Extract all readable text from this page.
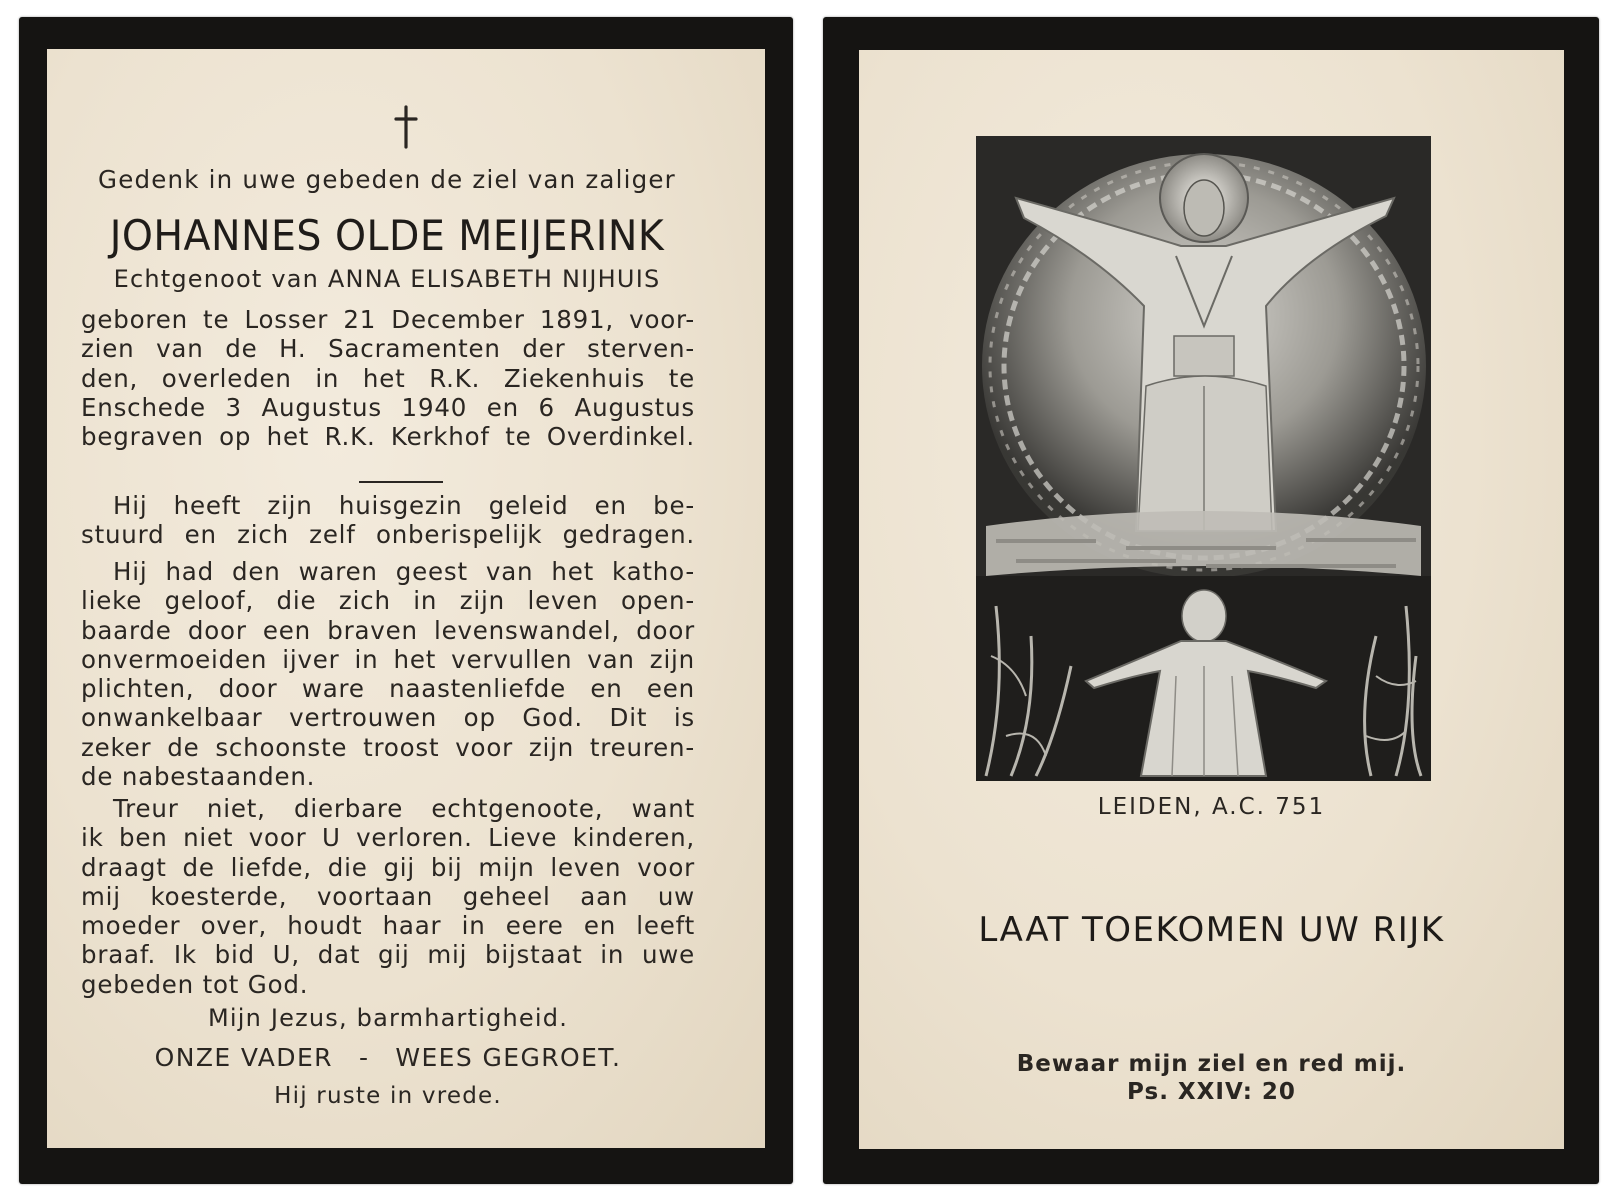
Gedenk in uwe gebeden de ziel van zaliger
JOHANNES OLDE MEIJERINK
Echtgenoot van ANNA ELISABETH NIJHUIS
geboren te Losser 21 December 1891, voor-
zien van de H. Sacramenten der sterven-
den, overleden in het R.K. Ziekenhuis te
Enschede 3 Augustus 1940 en 6 Augustus
begraven op het R.K. Kerkhof te Overdinkel.
Hij heeft zijn huisgezin geleid en be-
stuurd en zich zelf onberispelijk gedragen.
Hij had den waren geest van het katho-
lieke geloof, die zich in zijn leven open-
baarde door een braven levenswandel, door
onvermoeiden ijver in het vervullen van zijn
plichten, door ware naastenliefde en een
onwankelbaar vertrouwen op God. Dit is
zeker de schoonste troost voor zijn treuren-
de nabestaanden.
Treur niet, dierbare echtgenoote, want
ik ben niet voor U verloren. Lieve kinderen,
draagt de liefde, die gij bij mijn leven voor
mij koesterde, voortaan geheel aan uw
moeder over, houdt haar in eere en leeft
braaf. Ik bid U, dat gij mij bijstaat in uwe
gebeden tot God.
Mijn Jezus, barmhartigheid.
ONZE VADER - WEES GEGROET.
Hij ruste in vrede.
LEIDEN, A.C. 751
LAAT TOEKOMEN UW RIJK
Bewaar mijn ziel en red mij.
Ps. XXIV: 20
